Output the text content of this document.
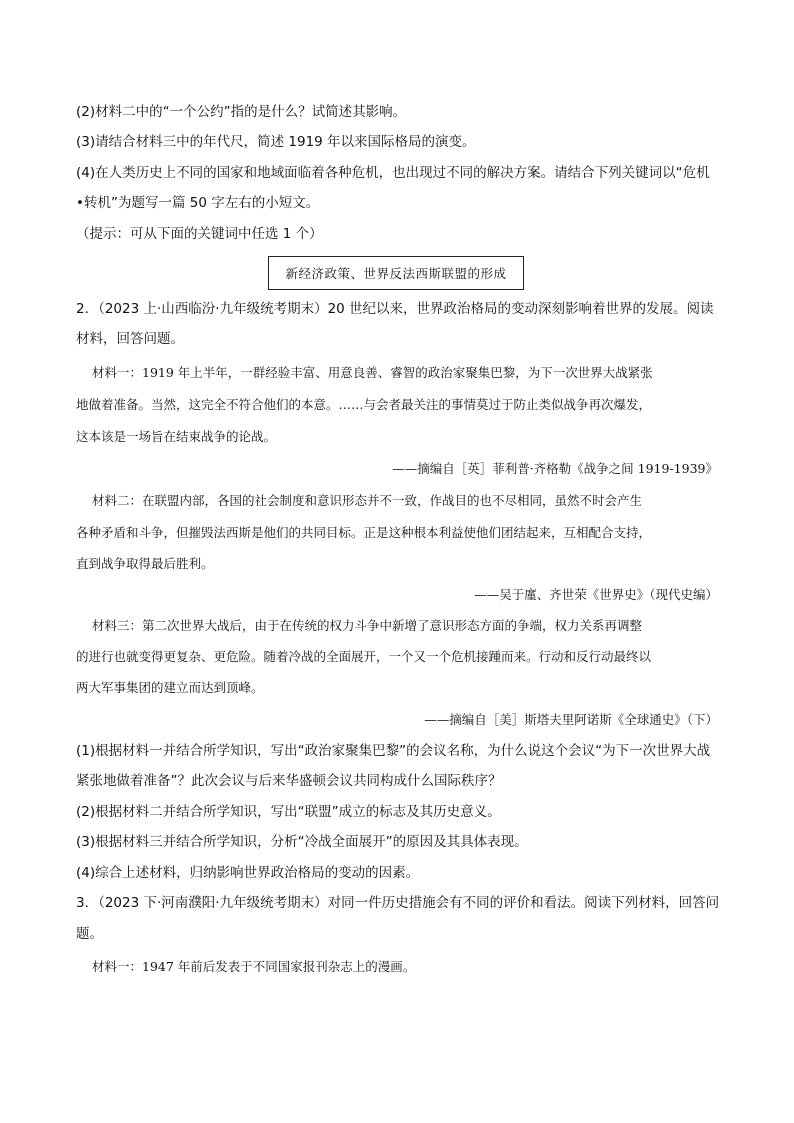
(2)材料二中的“一个公约”指的是什么？试简述其影响。
(3)请结合材料三中的年代尺，简述 1919 年以来国际格局的演变。
(4)在人类历史上不同的国家和地域面临着各种危机，也出现过不同的解决方案。请结合下列关键词以“危机
•转机”为题写一篇 50 字左右的小短文。
（提示：可从下面的关键词中任选 1 个）
新经济政策、世界反法西斯联盟的形成
2．（2023 上·山西临汾·九年级统考期末）20 世纪以来，世界政治格局的变动深刻影响着世界的发展。阅读
材料，回答问题。
材料一：1919 年上半年，一群经验丰富、用意良善、睿智的政治家聚集巴黎，为下一次世界大战紧张
地做着准备。当然，这完全不符合他们的本意。……与会者最关注的事情莫过于防止类似战争再次爆发，
这本该是一场旨在结束战争的论战。
——摘编自［英］菲利普·齐格勒《战争之间 1919-1939》
材料二：在联盟内部，各国的社会制度和意识形态并不一致，作战目的也不尽相同，虽然不时会产生
各种矛盾和斗争，但摧毁法西斯是他们的共同目标。正是这种根本利益使他们团结起来，互相配合支持，
直到战争取得最后胜利。
——吴于廑、齐世荣《世界史》（现代史编）
材料三：第二次世界大战后，由于在传统的权力斗争中新增了意识形态方面的争端，权力关系再调整
的进行也就变得更复杂、更危险。随着冷战的全面展开，一个又一个危机接踵而来。行动和反行动最终以
两大军事集团的建立而达到顶峰。
——摘编自［美］斯塔夫里阿诺斯《全球通史》（下）
(1)根据材料一并结合所学知识，写出“政治家聚集巴黎”的会议名称，为什么说这个会议“为下一次世界大战
紧张地做着准备”？此次会议与后来华盛顿会议共同构成什么国际秩序？
(2)根据材料二并结合所学知识，写出“联盟”成立的标志及其历史意义。
(3)根据材料三并结合所学知识，分析“冷战全面展开”的原因及其具体表现。
(4)综合上述材料，归纳影响世界政治格局的变动的因素。
3．（2023 下·河南濮阳·九年级统考期末）对同一件历史措施会有不同的评价和看法。阅读下列材料，回答问
题。
材料一：1947 年前后发表于不同国家报刊杂志上的漫画。
